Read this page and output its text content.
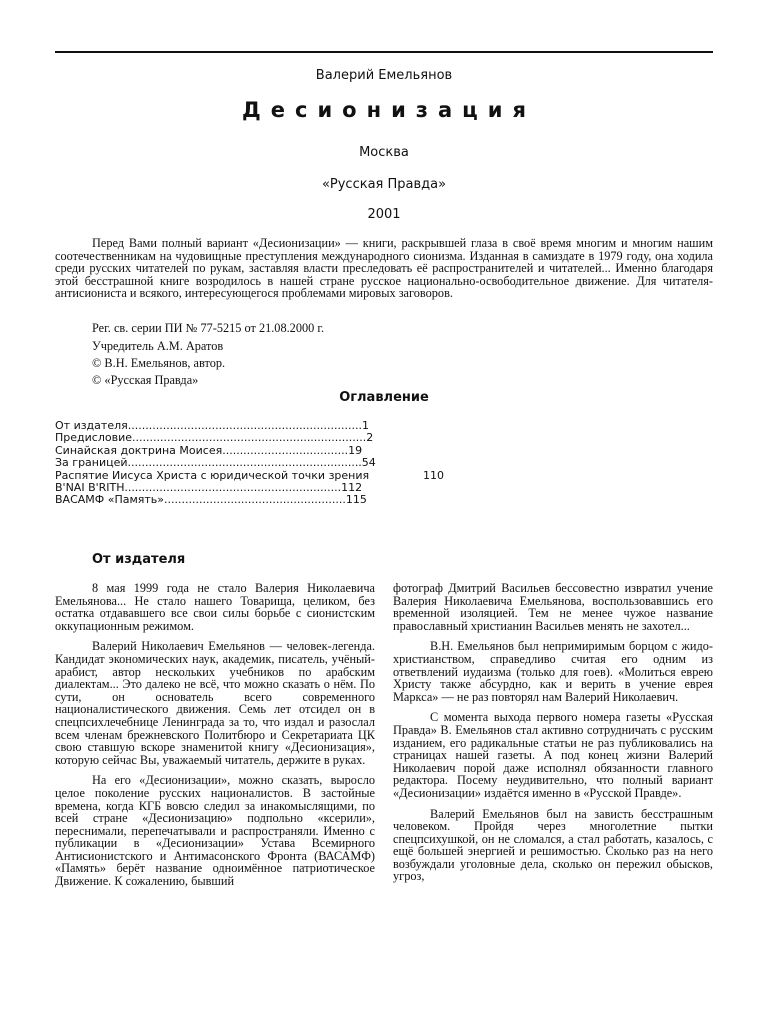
Валерий Емельянов
Десионизация
Москва
«Русская Правда»
2001

Перед Вами полный вариант «Десионизации» — книги, раскрывшей глаза в своё время многим и многим нашим соотечественникам на чудовищные преступления международного сионизма. Изданная в самиздате в 1979 году, она ходила среди русских читателей по рукам, заставляя власти преследовать её распространителей и читателей... Именно благодаря этой бесстрашной книге возродилось в нашей стране русское национально-освободительное движение. Для читателя-антисиониста и всякого, интересующегося проблемами мировых заговоров.

Рег. св. серии ПИ № 77-5215 от 21.08.2000 г.
Учредитель А.М. Аратов
© В.Н. Емельянов, автор.
© «Русская Правда»
Оглавление
От издателя...................................................................1
Предисловие...................................................................2
Синайская доктрина Моисея....................................19
За границей...................................................................54
Распятие Иисуса Христа с юридической точки зрения	110
B'NAI B'RITH..............................................................112
ВАСАМФ «Память»....................................................115
От издателя

8 мая 1999 года не стало Валерия Николаевича Емельянова... Не стало нашего Товарища, целиком, без остатка отдававшего все свои силы борьбе с сионистским оккупационным режимом.

Валерий Николаевич Емельянов — человек-легенда. Кандидат экономических наук, академик, писатель, учёный-арабист, автор нескольких учебников по арабским диалектам... Это далеко не всё, что можно сказать о нём. По сути, он основатель всего современного националистического движения. Семь лет отсидел он в спецпсихлечебнице Ленинграда за то, что издал и разослал всем членам брежневского Политбюро и Секретариата ЦК свою ставшую вскоре знаменитой книгу «Десионизация», которую сейчас Вы, уважаемый читатель, держите в руках.

На его «Десионизации», можно сказать, выросло целое поколение русских националистов. В застойные времена, когда КГБ вовсю следил за инакомыслящими, по всей стране «Десионизацию» подпольно «ксерили», переснимали, перепечатывали и распространяли. Именно с публикации в «Десионизации» Устава Всемирного Антисионистского и Антимасонского Фронта (ВАСАМФ) «Память» берёт название одноимённое патриотическое Движение. К сожалению, бывший

фотограф Дмитрий Васильев бессовестно извратил учение Валерия Николаевича Емельянова, воспользовавшись его временной изоляцией. Тем не менее чужое название православный христианин Васильев менять не захотел...

В.Н. Емельянов был непримиримым борцом с жидо-христианством, справедливо считая его одним из ответвлений иудаизма (только для гоев). «Молиться еврею Христу также абсурдно, как и верить в учение еврея Маркса» — не раз повторял нам Валерий Николаевич.

С момента выхода первого номера газеты «Русская Правда» В. Емельянов стал активно сотрудничать с русским изданием, его радикальные статьи не раз публиковались на страницах нашей газеты. А под конец жизни Валерий Николаевич порой даже исполнял обязанности главного редактора. Посему неудивительно, что полный вариант «Десионизации» издаётся именно в «Русской Правде».

Валерий Емельянов был на зависть бесстрашным человеком. Пройдя через многолетние пытки спецпсихушкой, он не сломался, а стал работать, казалось, с ещё большей энергией и решимостью. Сколько раз на него возбуждали уголовные дела, сколько он пережил обысков, угроз,
